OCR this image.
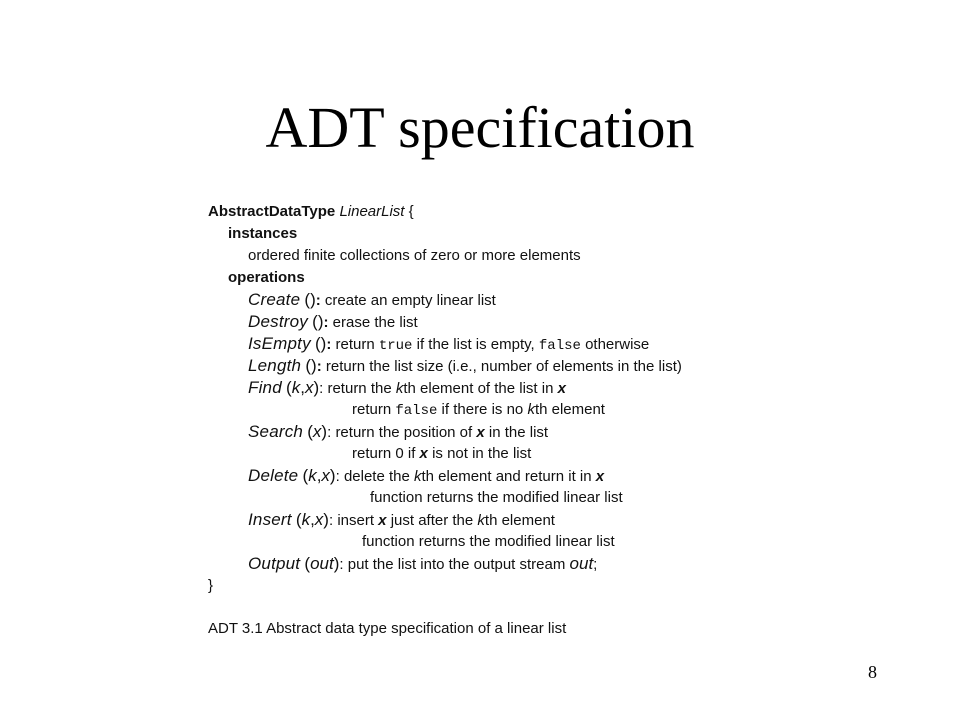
ADT specification
AbstractDataType LinearList {
instances
ordered finite collections of zero or more elements
operations
Create (): create an empty linear list
Destroy (): erase the list
IsEmpty (): return true if the list is empty, false otherwise
Length (): return the list size (i.e., number of elements in the list)
Find (k,x): return the kth element of the list in x
return false if there is no kth element
Search (x): return the position of x in the list
return 0 if x is not in the list
Delete (k,x): delete the kth element and return it in x
function returns the modified linear list
Insert (k,x): insert x just after the kth element
function returns the modified linear list
Output (out): put the list into the output stream out;
}
ADT 3.1 Abstract data type specification of a linear list
8
